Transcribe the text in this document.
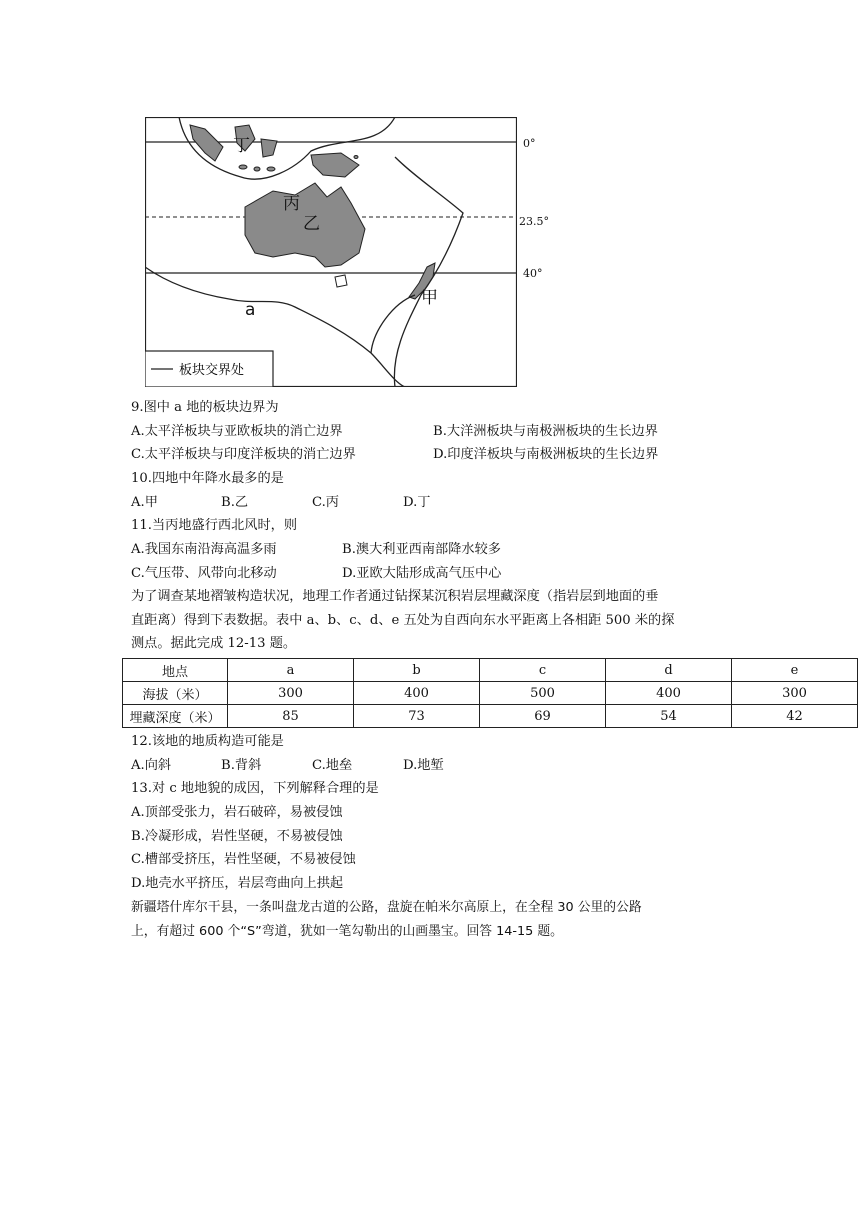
丁
丙
乙
甲
a
板块交界处
0°
23.5°
40°
9.图中 a 地的板块边界为
A.太平洋板块与亚欧板块的消亡边界	B.大洋洲板块与南极洲板块的生长边界
C.太平洋板块与印度洋板块的消亡边界	D.印度洋板块与南极洲板块的生长边界
10.四地中年降水最多的是
A.甲	B.乙	C.丙	D.丁
11.当丙地盛行西北风时，则
A.我国东南沿海高温多雨	B.澳大利亚西南部降水较多
C.气压带、风带向北移动	D.亚欧大陆形成高气压中心
为了调查某地褶皱构造状况，地理工作者通过钻探某沉积岩层埋藏深度（指岩层到地面的垂
直距离）得到下表数据。表中 a、b、c、d、e 五处为自西向东水平距离上各相距 500 米的探
测点。据此完成 12-13 题。
地点	a	b	c	d	e
海拔（米）	300	400	500	400	300
埋藏深度（米）	85	73	69	54	42
12.该地的地质构造可能是
A.向斜	B.背斜	C.地垒	D.地堑
13.对 c 地地貌的成因，下列解释合理的是
A.顶部受张力，岩石破碎，易被侵蚀
B.冷凝形成，岩性坚硬，不易被侵蚀
C.槽部受挤压，岩性坚硬，不易被侵蚀
D.地壳水平挤压，岩层弯曲向上拱起
新疆塔什库尔干县，一条叫盘龙古道的公路，盘旋在帕米尔高原上，在全程 30 公里的公路
上，有超过 600 个“S”弯道，犹如一笔勾勒出的山画墨宝。回答 14-15 题。
